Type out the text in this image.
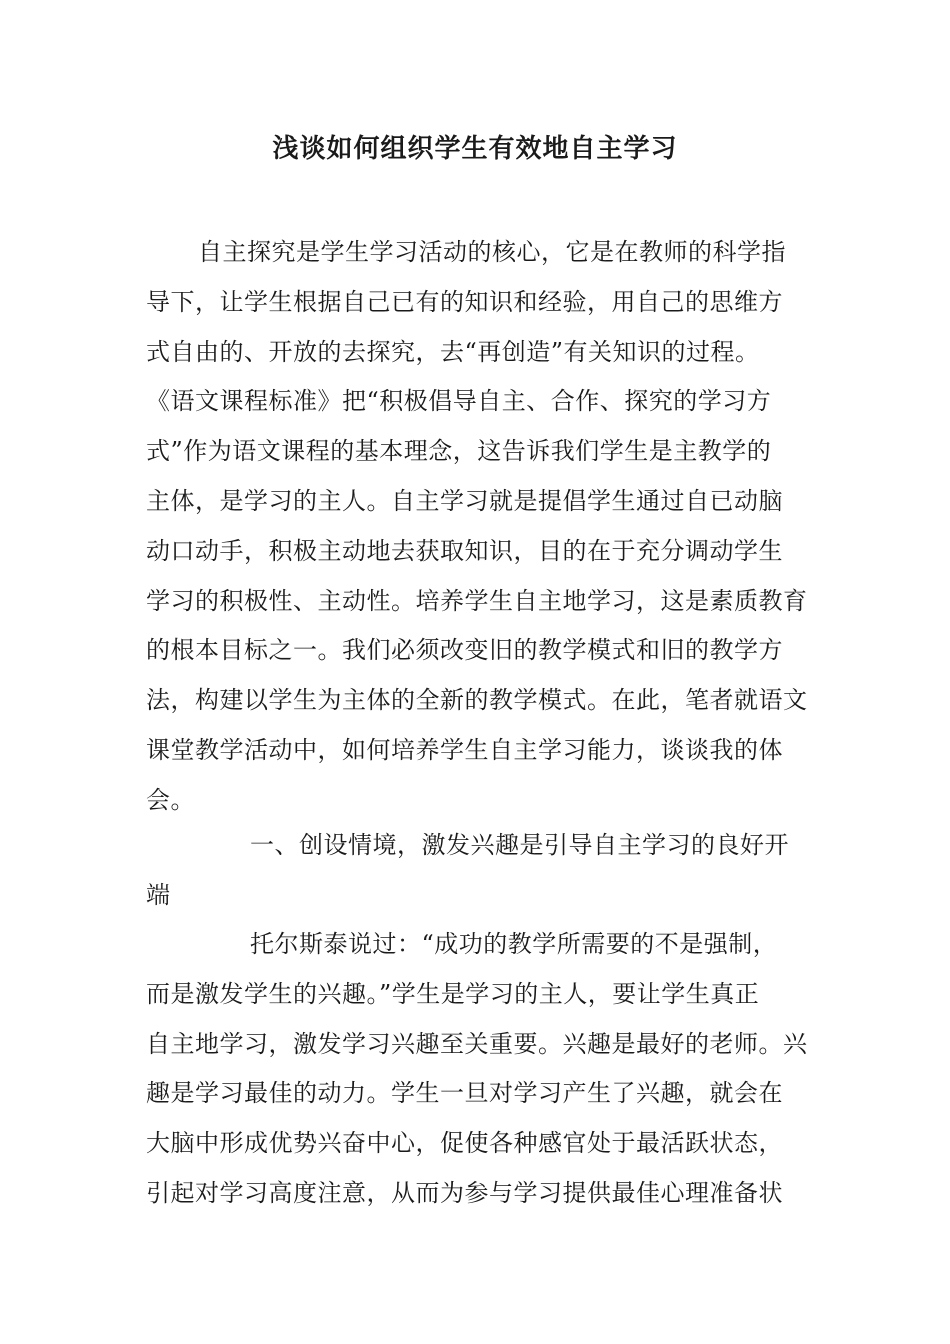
浅谈如何组织学生有效地自主学习
自主探究是学生学习活动的核心，它是在教师的科学指
导下，让学生根据自己已有的知识和经验，用自己的思维方
式自由的、开放的去探究，去“再创造”有关知识的过程。
《语文课程标准》把“积极倡导自主、合作、探究的学习方
式”作为语文课程的基本理念，这告诉我们学生是主教学的
主体，是学习的主人。自主学习就是提倡学生通过自已动脑
动口动手，积极主动地去获取知识，目的在于充分调动学生
学习的积极性、主动性。培养学生自主地学习，这是素质教育
的根本目标之一。我们必须改变旧的教学模式和旧的教学方
法，构建以学生为主体的全新的教学模式。在此，笔者就语文
课堂教学活动中，如何培养学生自主学习能力，谈谈我的体
会。
一、创设情境，激发兴趣是引导自主学习的良好开
端
托尔斯泰说过：“成功的教学所需要的不是强制，
而是激发学生的兴趣。”学生是学习的主人，要让学生真正
自主地学习，激发学习兴趣至关重要。兴趣是最好的老师。兴
趣是学习最佳的动力。学生一旦对学习产生了兴趣，就会在
大脑中形成优势兴奋中心，促使各种感官处于最活跃状态，
引起对学习高度注意，从而为参与学习提供最佳心理准备状
